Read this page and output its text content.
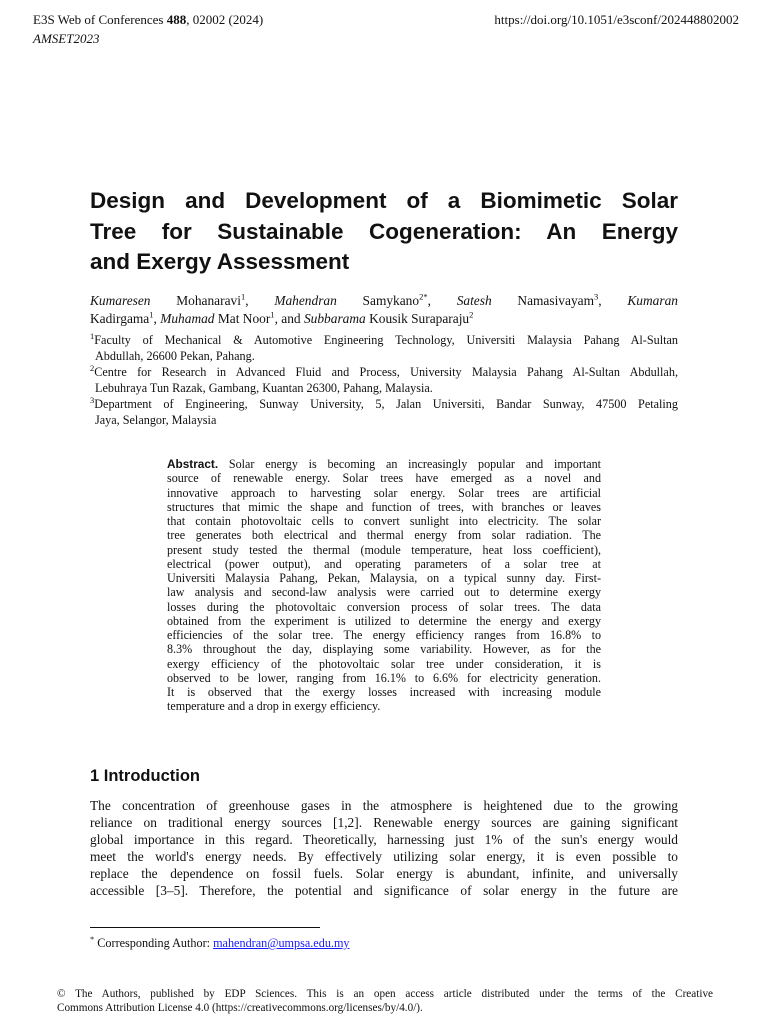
E3S Web of Conferences 488, 02002 (2024)	https://doi.org/10.1051/e3sconf/202448802002
AMSET2023
Design and Development of a Biomimetic Solar
Tree for Sustainable Cogeneration: An Energy
and Exergy Assessment
Kumaresen Mohanaravi$^1$, Mahendran Samykano$^{2*}$, Satesh Namasivayam$^3$, Kumaran
Kadirgama$^1$, Muhamad Mat Noor$^1$, and Subbarama Kousik Suraparaju$^2$
$^1$Faculty of Mechanical & Automotive Engineering Technology, Universiti Malaysia Pahang Al-Sultan
Abdullah, 26600 Pekan, Pahang.
$^2$Centre for Research in Advanced Fluid and Process, University Malaysia Pahang Al-Sultan Abdullah,
Lebuhraya Tun Razak, Gambang, Kuantan 26300, Pahang, Malaysia.
$^3$Department of Engineering, Sunway University, 5, Jalan Universiti, Bandar Sunway, 47500 Petaling
Jaya, Selangor, Malaysia
Abstract. Solar energy is becoming an increasingly popular and important
source of renewable energy. Solar trees have emerged as a novel and
innovative approach to harvesting solar energy. Solar trees are artificial
structures that mimic the shape and function of trees, with branches or leaves
that contain photovoltaic cells to convert sunlight into electricity. The solar
tree generates both electrical and thermal energy from solar radiation. The
present study tested the thermal (module temperature, heat loss coefficient),
electrical (power output), and operating parameters of a solar tree at
Universiti Malaysia Pahang, Pekan, Malaysia, on a typical sunny day. First-
law analysis and second-law analysis were carried out to determine exergy
losses during the photovoltaic conversion process of solar trees. The data
obtained from the experiment is utilized to determine the energy and exergy
efficiencies of the solar tree. The energy efficiency ranges from 16.8% to
8.3% throughout the day, displaying some variability. However, as for the
exergy efficiency of the photovoltaic solar tree under consideration, it is
observed to be lower, ranging from 16.1% to 6.6% for electricity generation.
It is observed that the exergy losses increased with increasing module
temperature and a drop in exergy efficiency.
1 Introduction
The concentration of greenhouse gases in the atmosphere is heightened due to the growing
reliance on traditional energy sources [1,2]. Renewable energy sources are gaining significant
global importance in this regard. Theoretically, harnessing just 1% of the sun's energy would
meet the world's energy needs. By effectively utilizing solar energy, it is even possible to
replace the dependence on fossil fuels. Solar energy is abundant, infinite, and universally
accessible [3–5]. Therefore, the potential and significance of solar energy in the future are
* Corresponding Author: mahendran@umpsa.edu.my
© The Authors, published by EDP Sciences. This is an open access article distributed under the terms of the Creative
Commons Attribution License 4.0 (https://creativecommons.org/licenses/by/4.0/).
